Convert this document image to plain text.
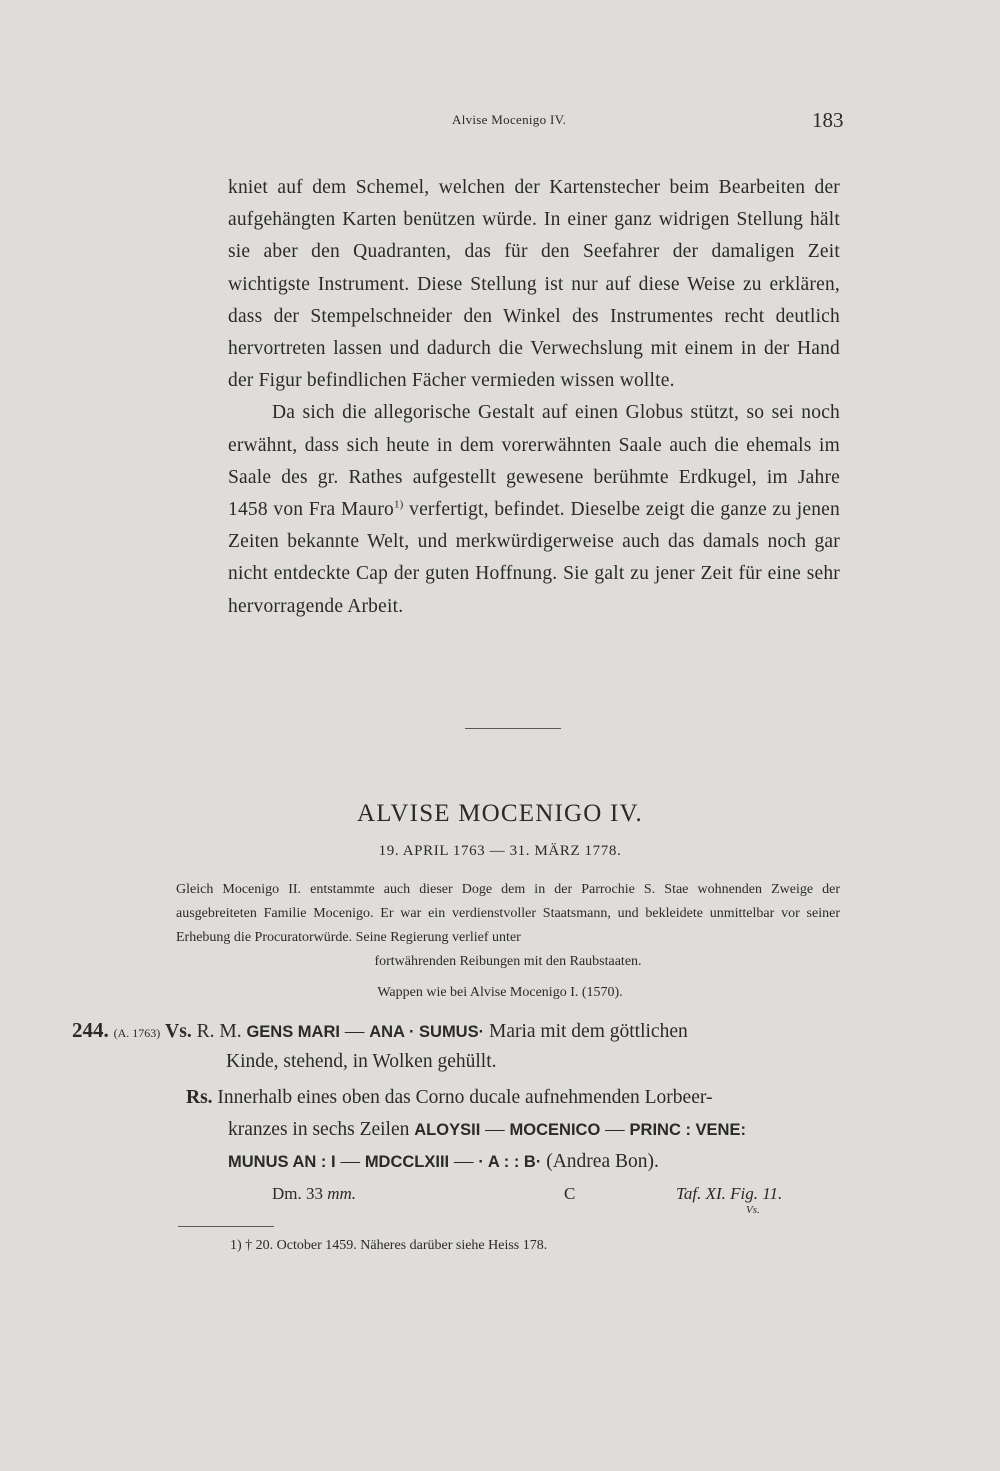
Alvise Mocenigo IV.	183

kniet auf dem Schemel, welchen der Kartenstecher beim Bearbeiten der aufgehängten Karten benützen würde. In einer ganz widrigen Stellung hält sie aber den Quadranten, das für den Seefahrer der damaligen Zeit wichtigste Instrument. Diese Stellung ist nur auf diese Weise zu erklären, dass der Stempelschneider den Winkel des Instrumentes recht deutlich hervortreten lassen und dadurch die Verwechslung mit einem in der Hand der Figur befindlichen Fächer vermieden wissen wollte.

Da sich die allegorische Gestalt auf einen Globus stützt, so sei noch erwähnt, dass sich heute in dem vorerwähnten Saale auch die ehemals im Saale des gr. Rathes aufgestellt gewesene berühmte Erdkugel, im Jahre 1458 von Fra Mauro$^{1)}$ verfertigt, befindet. Dieselbe zeigt die ganze zu jenen Zeiten bekannte Welt, und merkwürdigerweise auch das damals noch gar nicht entdeckte Cap der guten Hoffnung. Sie galt zu jener Zeit für eine sehr hervorragende Arbeit.

ALVISE MOCENIGO IV.
19. APRIL 1763 — 31. MÄRZ 1778.

Gleich Mocenigo II. entstammte auch dieser Doge dem in der Parrochie S. Stae wohnenden Zweige der ausgebreiteten Familie Mocenigo. Er war ein verdienstvoller Staatsmann, und bekleidete unmittelbar vor seiner Erhebung die Procuratorwürde. Seine Regierung verlief unter
fortwährenden Reibungen mit den Raubstaaten.

Wappen wie bei Alvise Mocenigo I. (1570).
244. (A. 1763) Vs. R. M. GENS MARI — ANA · SUMUS· Maria mit dem göttlichen
Kinde, stehend, in Wolken gehüllt.
Rs. Innerhalb eines oben das Corno ducale aufnehmenden Lorbeer-
kranzes in sechs Zeilen ALOYSII — MOCENICO — PRINC : VENE:
MUNUS AN : I — MDCCLXIII — · A : : B· (Andrea Bon).
Dm. 33 mm.	C	Taf. XI. Fig. 11.
Vs.
1) † 20. October 1459. Näheres darüber siehe Heiss 178.
